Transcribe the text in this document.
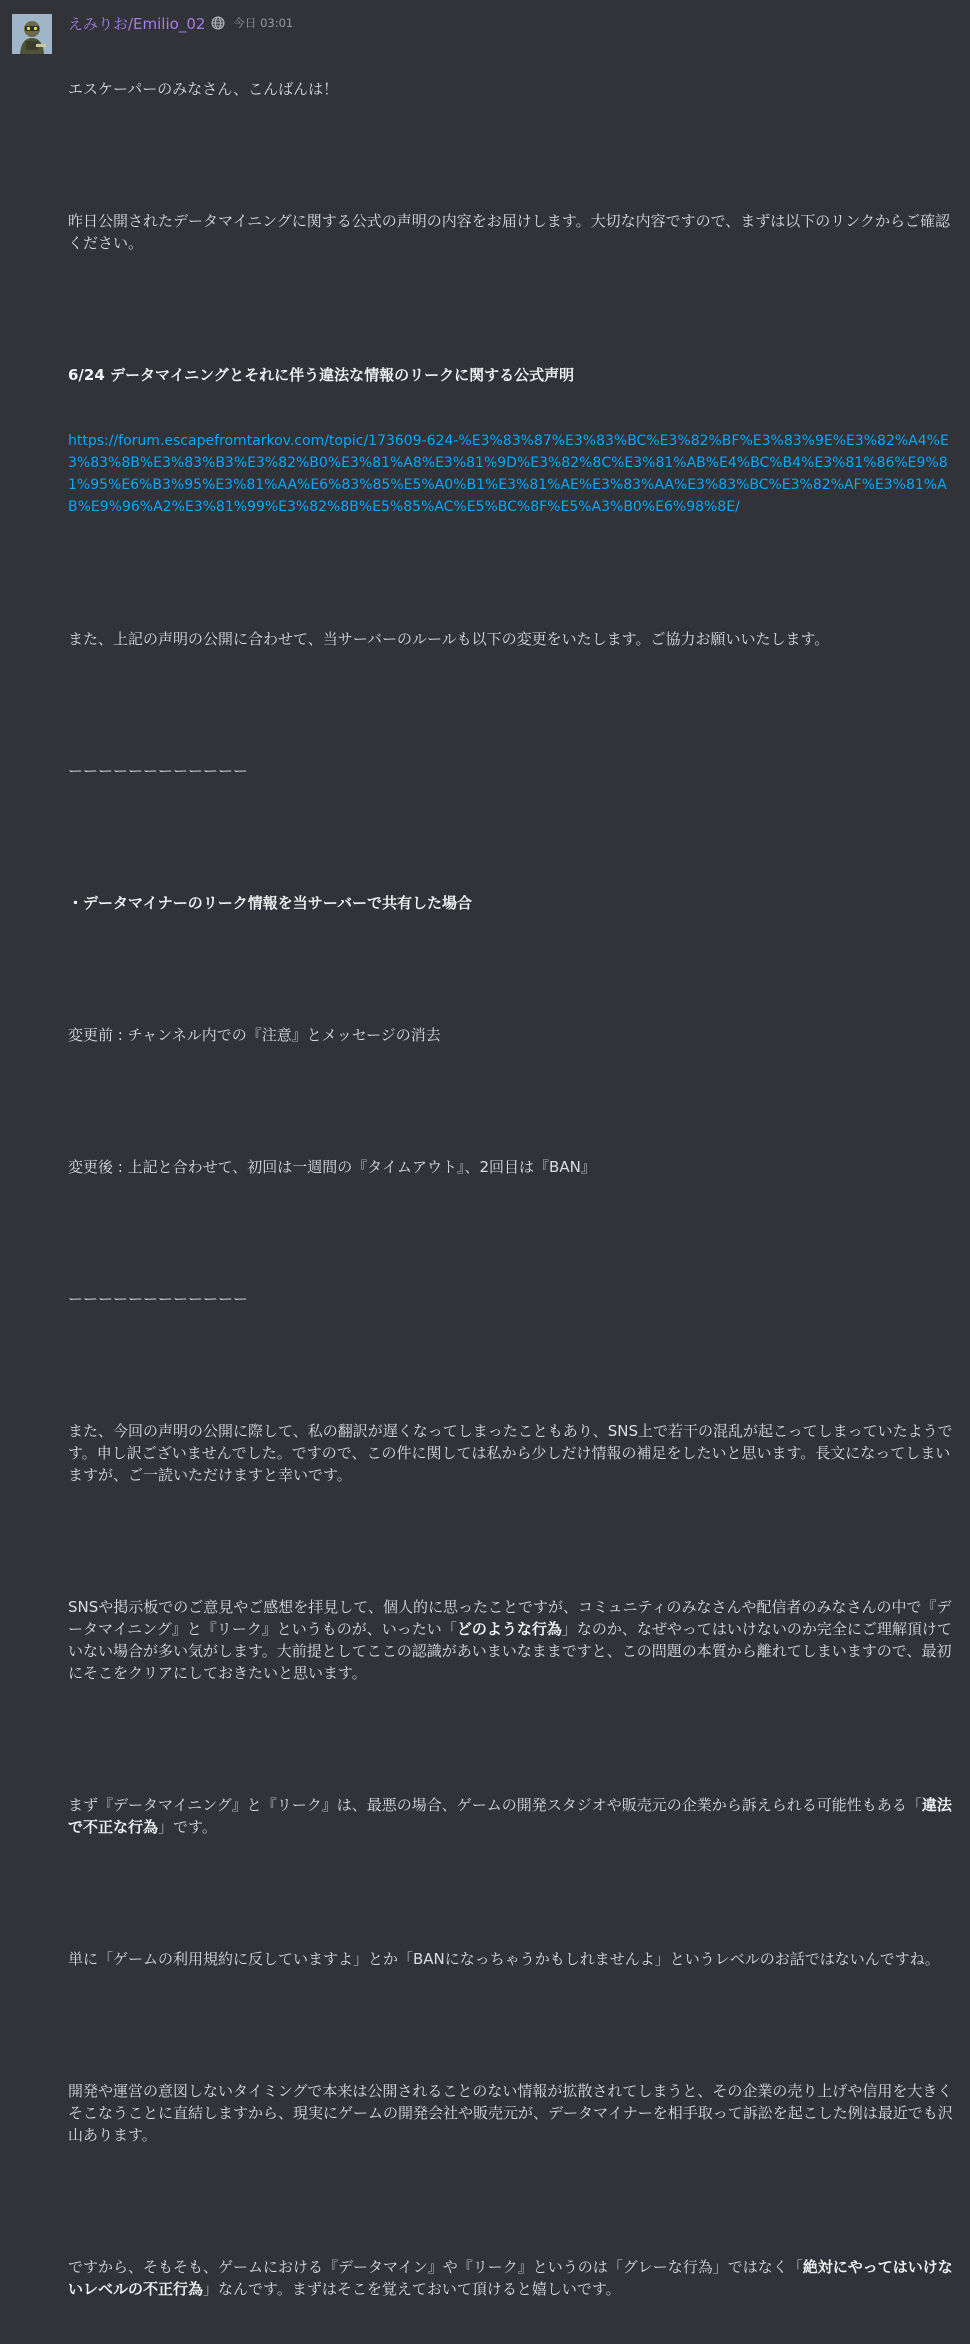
えみりお/Emilio_02 今日 03:01

エスケーパーのみなさん、こんばんは！

昨日公開されたデータマイニングに関する公式の声明の内容をお届けします。大切な内容ですので、まずは以下のリンクからご確認ください。

6/24 データマイニングとそれに伴う違法な情報のリークに関する公式声明

https://forum.escapefromtarkov.com/topic/173609-624-%E3%83%87%E3%83%BC%E3%82%BF%E3%83%9E%E3%82%A4%E3%83%8B%E3%83%B3%E3%82%B0%E3%81%A8%E3%81%9D%E3%82%8C%E3%81%AB%E4%BC%B4%E3%81%86%E9%81%95%E6%B3%95%E3%81%AA%E6%83%85%E5%A0%B1%E3%81%AE%E3%83%AA%E3%83%BC%E3%82%AF%E3%81%AB%E9%96%A2%E3%81%99%E3%82%8B%E5%85%AC%E5%BC%8F%E5%A3%B0%E6%98%8E/

また、上記の声明の公開に合わせて、当サーバーのルールも以下の変更をいたします。ご協力お願いいたします。

ーーーーーーーーーーーー

・データマイナーのリーク情報を当サーバーで共有した場合

変更前 : チャンネル内での『注意』とメッセージの消去

変更後 : 上記と合わせて、初回は一週間の『タイムアウト』、2回目は『BAN』

ーーーーーーーーーーーー

また、今回の声明の公開に際して、私の翻訳が遅くなってしまったこともあり、SNS上で若干の混乱が起こってしまっていたようです。申し訳ございませんでした。ですので、この件に関しては私から少しだけ情報の補足をしたいと思います。長文になってしまいますが、ご一読いただけますと幸いです。

SNSや掲示板でのご意見やご感想を拝見して、個人的に思ったことですが、コミュニティのみなさんや配信者のみなさんの中で『データマイニング』と『リーク』というものが、いったい「どのような行為」なのか、なぜやってはいけないのか完全にご理解頂けていない場合が多い気がします。大前提としてここの認識があいまいなままですと、この問題の本質から離れてしまいますので、最初にそこをクリアにしておきたいと思います。

まず『データマイニング』と『リーク』は、最悪の場合、ゲームの開発スタジオや販売元の企業から訴えられる可能性もある「違法で不正な行為」です。

単に「ゲームの利用規約に反していますよ」とか「BANになっちゃうかもしれませんよ」というレベルのお話ではないんですね。

開発や運営の意図しないタイミングで本来は公開されることのない情報が拡散されてしまうと、その企業の売り上げや信用を大きくそこなうことに直結しますから、現実にゲームの開発会社や販売元が、データマイナーを相手取って訴訟を起こした例は最近でも沢山あります。

ですから、そもそも、ゲームにおける『データマイン』や『リーク』というのは「グレーな行為」ではなく「絶対にやってはいけないレベルの不正行為」なんです。まずはそこを覚えておいて頂けると嬉しいです。
